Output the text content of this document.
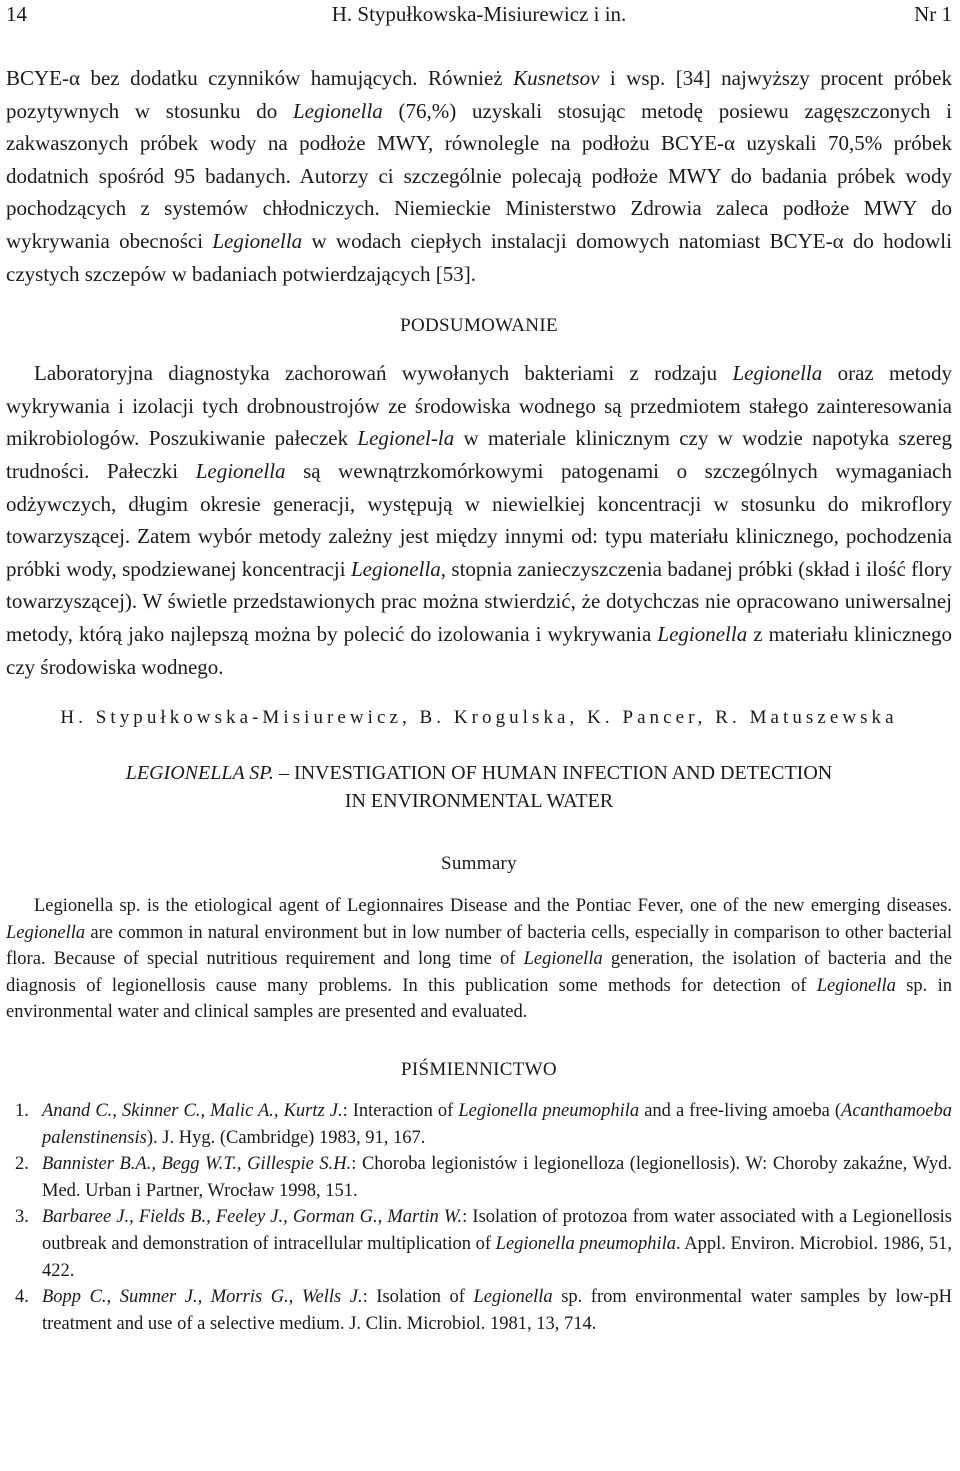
14	H. Stypułkowska-Misiurewicz i in.	Nr 1

BCYE-α bez dodatku czynników hamujących. Również Kusnetsov i wsp. [34] najwyższy procent próbek pozytywnych w stosunku do Legionella (76,%) uzyskali stosując metodę posiewu zagęszczonych i zakwaszonych próbek wody na podłoże MWY, równolegle na podłożu BCYE-α uzyskali 70,5% próbek dodatnich spośród 95 badanych. Autorzy ci szczególnie polecają podłoże MWY do badania próbek wody pochodzących z systemów chłodniczych. Niemieckie Ministerstwo Zdrowia zaleca podłoże MWY do wykrywania obecności Legionella w wodach ciepłych instalacji domowych natomiast BCYE-α do hodowli czystych szczepów w badaniach potwierdzających [53].

PODSUMOWANIE

Laboratoryjna diagnostyka zachorowań wywołanych bakteriami z rodzaju Legionella oraz metody wykrywania i izolacji tych drobnoustrojów ze środowiska wodnego są przedmiotem stałego zainteresowania mikrobiologów. Poszukiwanie pałeczek Legionel-la w materiale klinicznym czy w wodzie napotyka szereg trudności. Pałeczki Legionella są wewnątrzkomórkowymi patogenami o szczególnych wymaganiach odżywczych, długim okresie generacji, występują w niewielkiej koncentracji w stosunku do mikroflory towarzyszącej. Zatem wybór metody zależny jest między innymi od: typu materiału klinicznego, pochodzenia próbki wody, spodziewanej koncentracji Legionella, stopnia zanieczyszczenia badanej próbki (skład i ilość flory towarzyszącej). W świetle przedstawionych prac można stwierdzić, że dotychczas nie opracowano uniwersalnej metody, którą jako najlepszą można by polecić do izolowania i wykrywania Legionella z materiału klinicznego czy środowiska wodnego.

H. Stypułkowska-Misiurewicz, B. Krogulska, K. Pancer, R. Matuszewska
LEGIONELLA SP. – INVESTIGATION OF HUMAN INFECTION AND DETECTION
IN ENVIRONMENTAL WATER
Summary

Legionella sp. is the etiological agent of Legionnaires Disease and the Pontiac Fever, one of the new emerging diseases. Legionella are common in natural environment but in low number of bacteria cells, especially in comparison to other bacterial flora. Because of special nutritious requirement and long time of Legionella generation, the isolation of bacteria and the diagnosis of legionellosis cause many problems. In this publication some methods for detection of Legionella sp. in environmental water and clinical samples are presented and evaluated.

PIŚMIENNICTWO
1. Anand C., Skinner C., Malic A., Kurtz J.: Interaction of Legionella pneumophila and a free-living amoeba (Acanthamoeba palenstinensis). J. Hyg. (Cambridge) 1983, 91, 167.
2. Bannister B.A., Begg W.T., Gillespie S.H.: Choroba legionistów i legionelloza (legionellosis). W: Choroby zakaźne, Wyd. Med. Urban i Partner, Wrocław 1998, 151.
3. Barbaree J., Fields B., Feeley J., Gorman G., Martin W.: Isolation of protozoa from water associated with a Legionellosis outbreak and demonstration of intracellular multiplication of Legionella pneumophila. Appl. Environ. Microbiol. 1986, 51, 422.
4. Bopp C., Sumner J., Morris G., Wells J.: Isolation of Legionella sp. from environmental water samples by low-pH treatment and use of a selective medium. J. Clin. Microbiol. 1981, 13, 714.
